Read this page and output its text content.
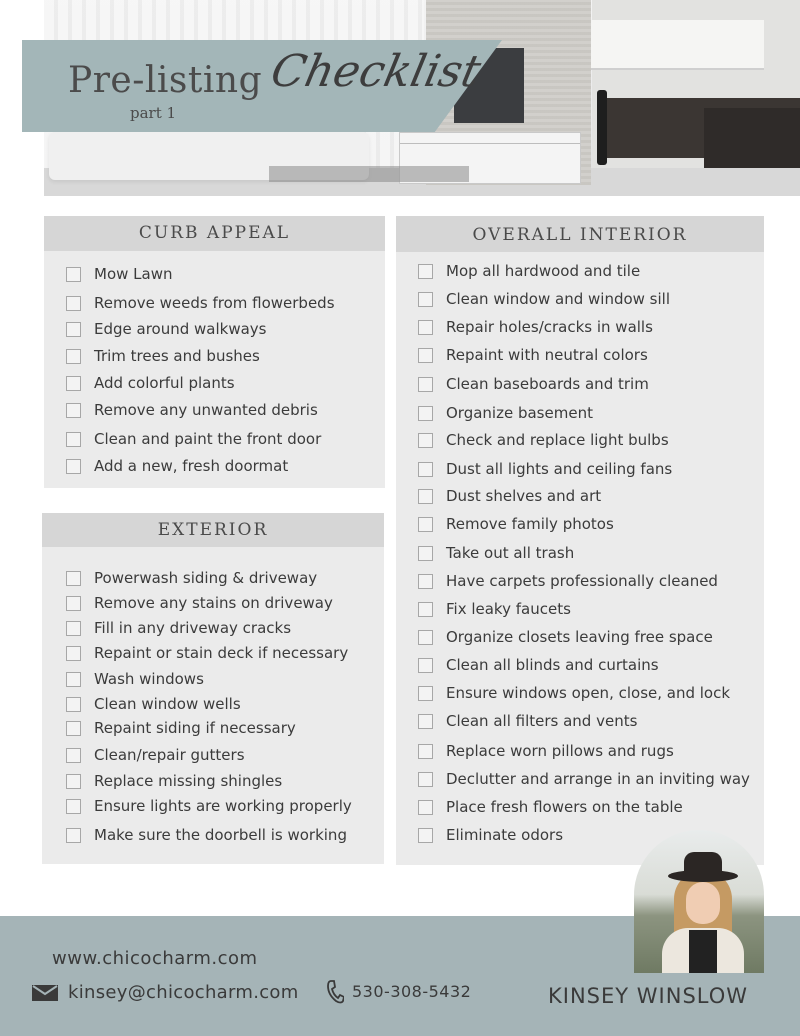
Pre-listing Checklist
part 1
CURB APPEAL
Mow Lawn
Remove weeds from flowerbeds
Edge around walkways
Trim trees and bushes
Add colorful plants
Remove any unwanted debris
Clean and paint the front door
Add a new, fresh doormat
EXTERIOR
Powerwash siding & driveway
Remove any stains on driveway
Fill in any driveway cracks
Repaint or stain deck if necessary
Wash windows
Clean window wells
Repaint siding if necessary
Clean/repair gutters
Replace missing shingles
Ensure lights are working properly
Make sure the doorbell is working
OVERALL INTERIOR
Mop all hardwood and tile
Clean window and window sill
Repair holes/cracks in walls
Repaint with neutral colors
Clean baseboards and trim
Organize basement
Check and replace light bulbs
Dust all lights and ceiling fans
Dust shelves and art
Remove family photos
Take out all trash
Have carpets professionally cleaned
Fix leaky faucets
Organize closets leaving free space
Clean all blinds and curtains
Ensure windows open, close, and lock
Clean all filters and vents
Replace worn pillows and rugs
Declutter and arrange in an inviting way
Place fresh flowers on the table
Eliminate odors
www.chicocharm.com
kinsey@chicocharm.com	530-308-5432	KINSEY WINSLOW
